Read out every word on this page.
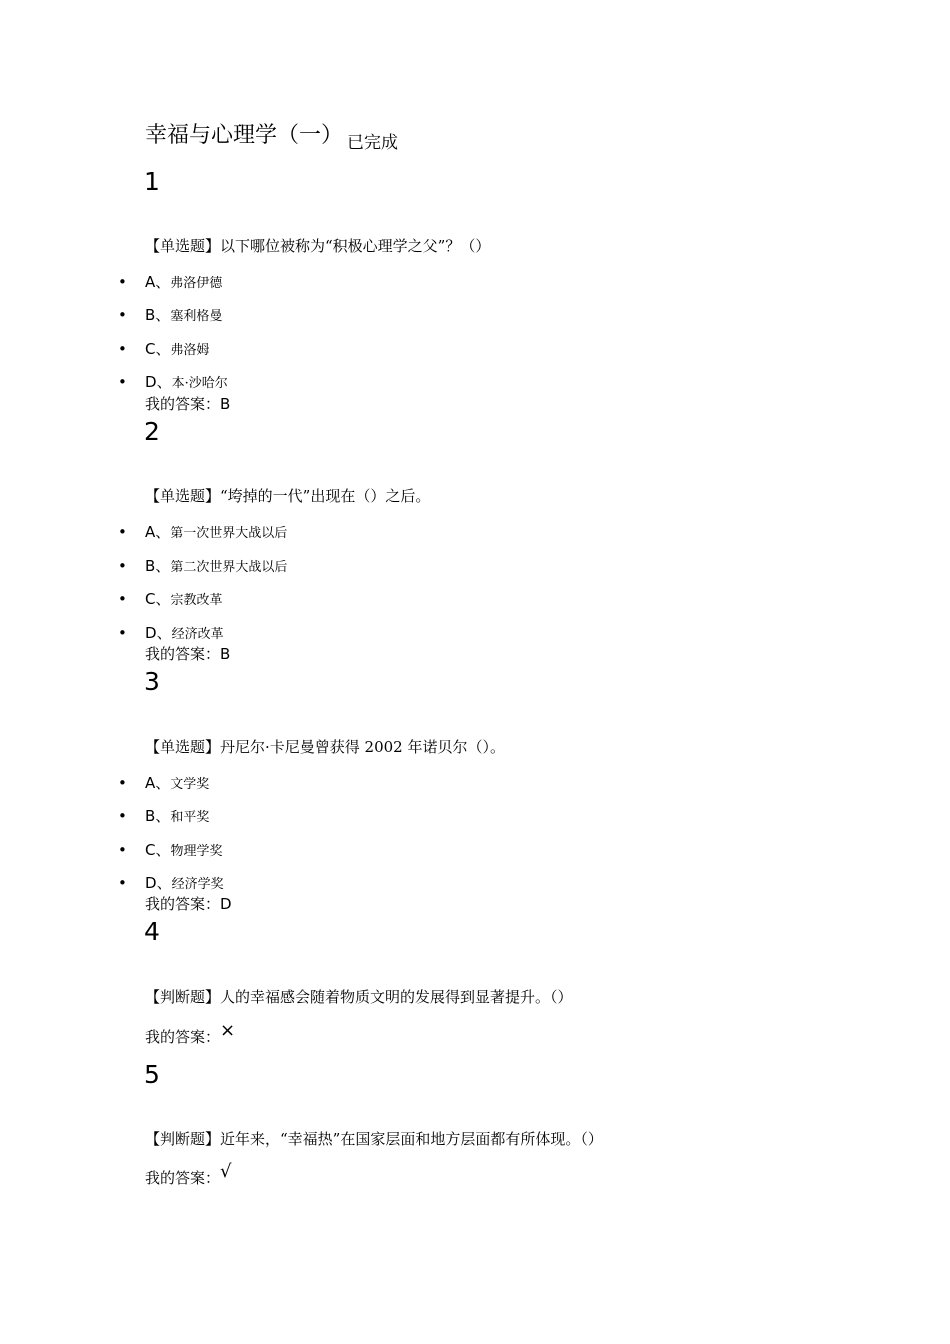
幸福与心理学（一） $_{已完成}$
1
【单选题】以下哪位被称为“积极心理学之父”？（）
• A、弗洛伊德
• B、塞利格曼
• C、弗洛姆
• D、本·沙哈尔
我的答案：B
2
【单选题】“垮掉的一代”出现在（）之后。
• A、第一次世界大战以后
• B、第二次世界大战以后
• C、宗教改革
• D、经济改革
我的答案：B
3
【单选题】丹尼尔·卡尼曼曾获得 2002 年诺贝尔（）。
• A、文学奖
• B、和平奖
• C、物理学奖
• D、经济学奖
我的答案：D
4
【判断题】人的幸福感会随着物质文明的发展得到显著提升。（）
我的答案：×
5
【判断题】近年来，“幸福热”在国家层面和地方层面都有所体现。（）
我的答案：√
